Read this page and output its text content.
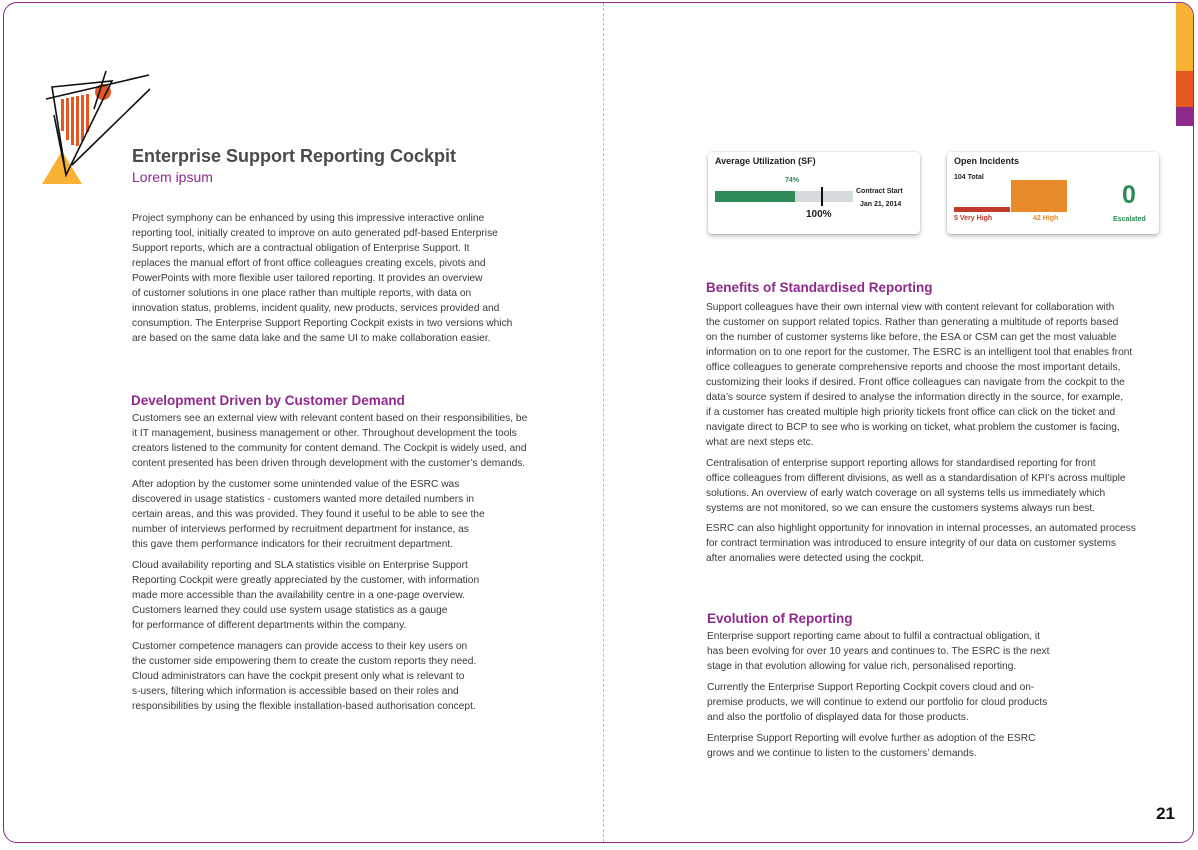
Enterprise Support Reporting Cockpit
Lorem ipsum
Project symphony can be enhanced by using this impressive interactive online
reporting tool, initially created to improve on auto generated pdf-based Enterprise
Support reports, which are a contractual obligation of Enterprise Support. It
replaces the manual effort of front office colleagues creating excels, pivots and
PowerPoints with more flexible user tailored reporting. It provides an overview
of customer solutions in one place rather than multiple reports, with data on
innovation status, problems, incident quality, new products, services provided and
consumption. The Enterprise Support Reporting Cockpit exists in two versions which
are based on the same data lake and the same UI to make collaboration easier.
Development Driven by Customer Demand
Customers see an external view with relevant content based on their responsibilities, be
it IT management, business management or other. Throughout development the tools
creators listened to the community for content demand. The Cockpit is widely used, and
content presented has been driven through development with the customer’s demands.
After adoption by the customer some unintended value of the ESRC was
discovered in usage statistics - customers wanted more detailed numbers in
certain areas, and this was provided. They found it useful to be able to see the
number of interviews performed by recruitment department for instance, as
this gave them performance indicators for their recruitment department.
Cloud availability reporting and SLA statistics visible on Enterprise Support
Reporting Cockpit were greatly appreciated by the customer, with information
made more accessible than the availability centre in a one-page overview.
Customers learned they could use system usage statistics as a gauge
for performance of different departments within the company.
Customer competence managers can provide access to their key users on
the customer side empowering them to create the custom reports they need.
Cloud administrators can have the cockpit present only what is relevant to
s-users, filtering which information is accessible based on their roles and
responsibilities by using the flexible installation-based authorisation concept.
Average Utilization (SF)
74%
100%
Contract Start
Jan 21, 2014
Open Incidents
104 Total
5 Very High	42 High
0
Escalated
Benefits of Standardised Reporting
Support colleagues have their own internal view with content relevant for collaboration with
the customer on support related topics. Rather than generating a multitude of reports based
on the number of customer systems like before, the ESA or CSM can get the most valuable
information on to one report for the customer. The ESRC is an intelligent tool that enables front
office colleagues to generate comprehensive reports and choose the most important details,
customizing their looks if desired. Front office colleagues can navigate from the cockpit to the
data’s source system if desired to analyse the information directly in the source, for example,
if a customer has created multiple high priority tickets front office can click on the ticket and
navigate direct to BCP to see who is working on ticket, what problem the customer is facing,
what are next steps etc.
Centralisation of enterprise support reporting allows for standardised reporting for front
office colleagues from different divisions, as well as a standardisation of KPI’s across multiple
solutions. An overview of early watch coverage on all systems tells us immediately which
systems are not monitored, so we can ensure the customers systems always run best.
ESRC can also highlight opportunity for innovation in internal processes, an automated process
for contract termination was introduced to ensure integrity of our data on customer systems
after anomalies were detected using the cockpit.
Evolution of Reporting
Enterprise support reporting came about to fulfil a contractual obligation, it
has been evolving for over 10 years and continues to. The ESRC is the next
stage in that evolution allowing for value rich, personalised reporting.
Currently the Enterprise Support Reporting Cockpit covers cloud and on-
premise products, we will continue to extend our portfolio for cloud products
and also the portfolio of displayed data for those products.
Enterprise Support Reporting will evolve further as adoption of the ESRC
grows and we continue to listen to the customers’ demands.
21
